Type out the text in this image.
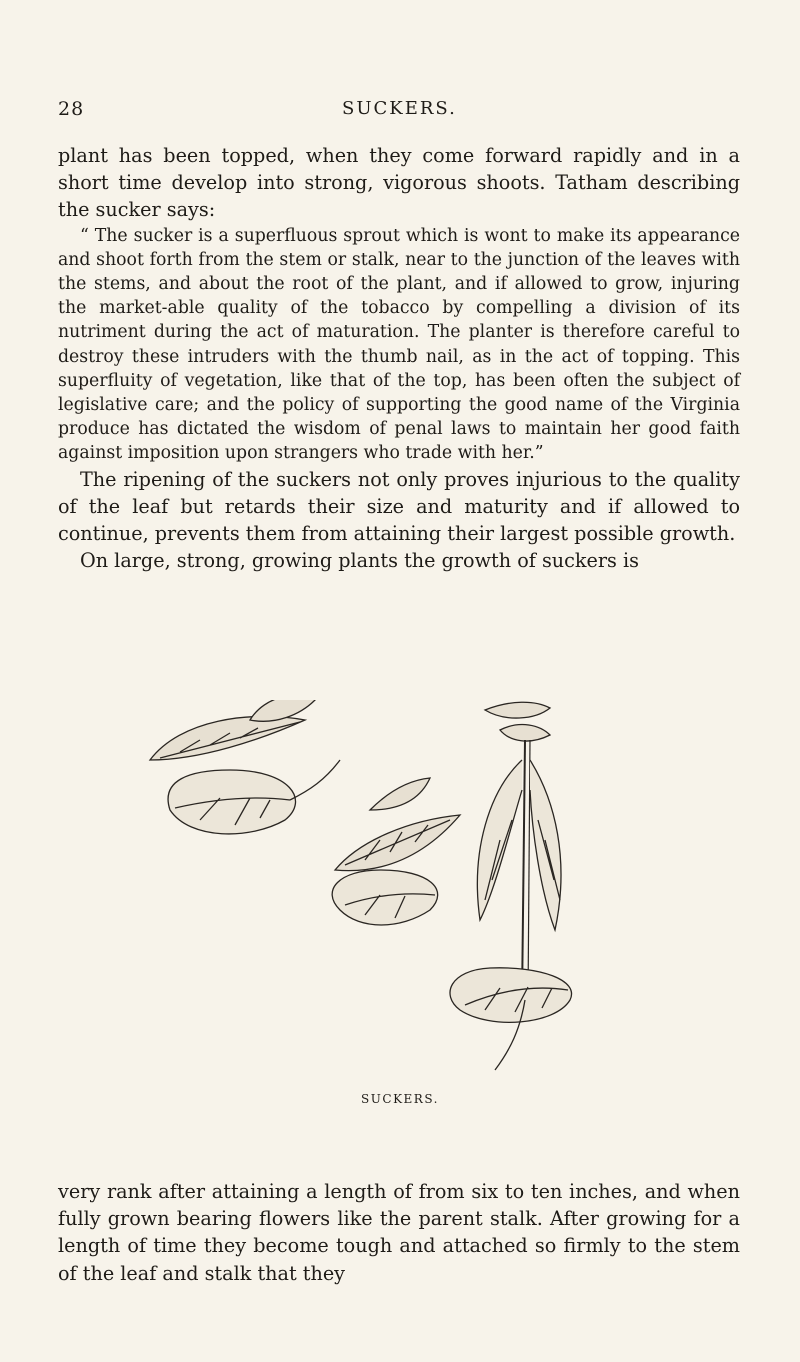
28	SUCKERS.

plant has been topped, when they come forward rapidly and in a short time develop into strong, vigorous shoots. Tatham describing the sucker says:

“ The sucker is a superfluous sprout which is wont to make its appearance and shoot forth from the stem or stalk, near to the junction of the leaves with the stems, and about the root of the plant, and if allowed to grow, injuring the market-able quality of the tobacco by compelling a division of its nutriment during the act of maturation. The planter is therefore careful to destroy these intruders with the thumb nail, as in the act of topping. This superfluity of vegetation, like that of the top, has been often the subject of legislative care; and the policy of supporting the good name of the Virginia produce has dictated the wisdom of penal laws to maintain her good faith against imposition upon strangers who trade with her.”

The ripening of the suckers not only proves injurious to the quality of the leaf but retards their size and maturity and if allowed to continue, prevents them from attaining their largest possible growth.

On large, strong, growing plants the growth of suckers is

SUCKERS.

very rank after attaining a length of from six to ten inches, and when fully grown bearing flowers like the parent stalk. After growing for a length of time they become tough and attached so firmly to the stem of the leaf and stalk that they
